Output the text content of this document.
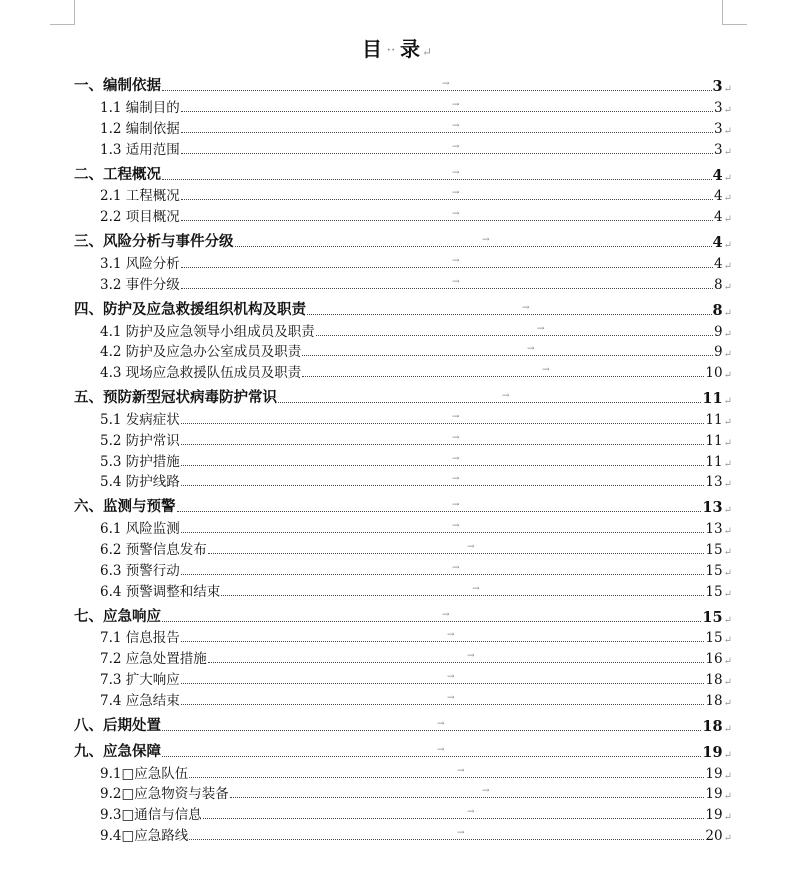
目 ·· 录↵
一、编制依据	→	3 ↵
1.1 编制目的	→	3 ↵
1.2 编制依据	→	3 ↵
1.3 适用范围	→	3 ↵
二、工程概况	→	4 ↵
2.1 工程概况	→	4 ↵
2.2 项目概况	→	4 ↵
三、风险分析与事件分级	→	4 ↵
3.1 风险分析	→	4 ↵
3.2 事件分级	→	8 ↵
四、防护及应急救援组织机构及职责	→	8 ↵
4.1 防护及应急领导小组成员及职责	→	9 ↵
4.2 防护及应急办公室成员及职责	→	9 ↵
4.3 现场应急救援队伍成员及职责	→	10 ↵
五、预防新型冠状病毒防护常识	→	11 ↵
5.1 发病症状	→	11 ↵
5.2 防护常识	→	11 ↵
5.3 防护措施	→	11 ↵
5.4 防护线路	→	13 ↵
六、监测与预警	→	13 ↵
6.1 风险监测	→	13 ↵
6.2 预警信息发布	→	15 ↵
6.3 预警行动	→	15 ↵
6.4 预警调整和结束	→	15 ↵
七、应急响应	→	15 ↵
7.1 信息报告	→	15 ↵
7.2 应急处置措施	→	16 ↵
7.3 扩大响应	→	18 ↵
7.4 应急结束	→	18 ↵
八、后期处置	→	18 ↵
九、应急保障	→	19 ↵
9.1□应急队伍	→	19 ↵
9.2□应急物资与装备	→	19 ↵
9.3□通信与信息	→	19 ↵
9.4□应急路线	→	20 ↵
